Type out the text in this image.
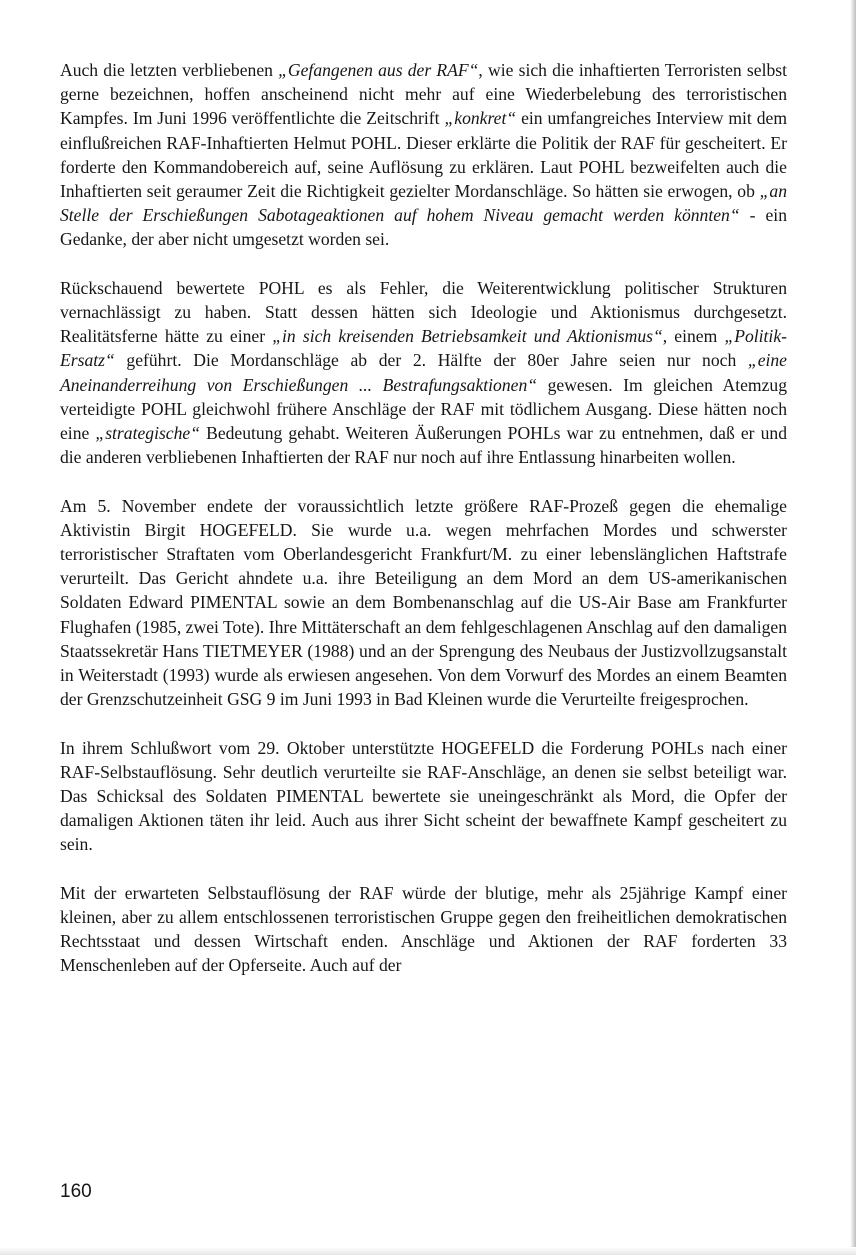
Auch die letzten verbliebenen „Gefangenen aus der RAF“, wie sich die inhaftierten Terroristen selbst gerne bezeichnen, hoffen anscheinend nicht mehr auf eine Wiederbelebung des terroristischen Kampfes. Im Juni 1996 veröffentlichte die Zeitschrift „konkret“ ein umfangreiches Interview mit dem einflußreichen RAF-Inhaftierten Helmut POHL. Dieser erklärte die Politik der RAF für gescheitert. Er forderte den Kommandobereich auf, seine Auflösung zu erklären. Laut POHL bezweifelten auch die Inhaftierten seit geraumer Zeit die Richtigkeit gezielter Mordanschläge. So hätten sie erwogen, ob „an Stelle der Erschießungen Sabotageaktionen auf hohem Niveau gemacht werden könnten“ - ein Gedanke, der aber nicht umgesetzt worden sei.

Rückschauend bewertete POHL es als Fehler, die Weiterentwicklung politischer Strukturen vernachlässigt zu haben. Statt dessen hätten sich Ideologie und Aktionismus durchgesetzt. Realitätsferne hätte zu einer „in sich kreisenden Betriebsamkeit und Aktionismus“, einem „Politik-Ersatz“ geführt. Die Mordanschläge ab der 2. Hälfte der 80er Jahre seien nur noch „eine Aneinanderreihung von Erschießungen ... Bestrafungsaktionen“ gewesen. Im gleichen Atemzug verteidigte POHL gleichwohl frühere Anschläge der RAF mit tödlichem Ausgang. Diese hätten noch eine „strategische“ Bedeutung gehabt. Weiteren Äußerungen POHLs war zu entnehmen, daß er und die anderen verbliebenen Inhaftierten der RAF nur noch auf ihre Entlassung hinarbeiten wollen.

Am 5. November endete der voraussichtlich letzte größere RAF-Prozeß gegen die ehemalige Aktivistin Birgit HOGEFELD. Sie wurde u.a. wegen mehrfachen Mordes und schwerster terroristischer Straftaten vom Oberlandesgericht Frankfurt/M. zu einer lebenslänglichen Haftstrafe verurteilt. Das Gericht ahndete u.a. ihre Beteiligung an dem Mord an dem US-amerikanischen Soldaten Edward PIMENTAL sowie an dem Bombenanschlag auf die US-Air Base am Frankfurter Flughafen (1985, zwei Tote). Ihre Mittäterschaft an dem fehlgeschlagenen Anschlag auf den damaligen Staatssekretär Hans TIETMEYER (1988) und an der Sprengung des Neubaus der Justizvollzugsanstalt in Weiterstadt (1993) wurde als erwiesen angesehen. Von dem Vorwurf des Mordes an einem Beamten der Grenzschutzeinheit GSG 9 im Juni 1993 in Bad Kleinen wurde die Verurteilte freigesprochen.

In ihrem Schlußwort vom 29. Oktober unterstützte HOGEFELD die Forderung POHLs nach einer RAF-Selbstauflösung. Sehr deutlich verurteilte sie RAF-Anschläge, an denen sie selbst beteiligt war. Das Schicksal des Soldaten PIMENTAL bewertete sie uneingeschränkt als Mord, die Opfer der damaligen Aktionen täten ihr leid. Auch aus ihrer Sicht scheint der bewaffnete Kampf gescheitert zu sein.

Mit der erwarteten Selbstauflösung der RAF würde der blutige, mehr als 25jährige Kampf einer kleinen, aber zu allem entschlossenen terroristischen Gruppe gegen den freiheitlichen demokratischen Rechtsstaat und dessen Wirtschaft enden. Anschläge und Aktionen der RAF forderten 33 Menschenleben auf der Opferseite. Auch auf der

160
